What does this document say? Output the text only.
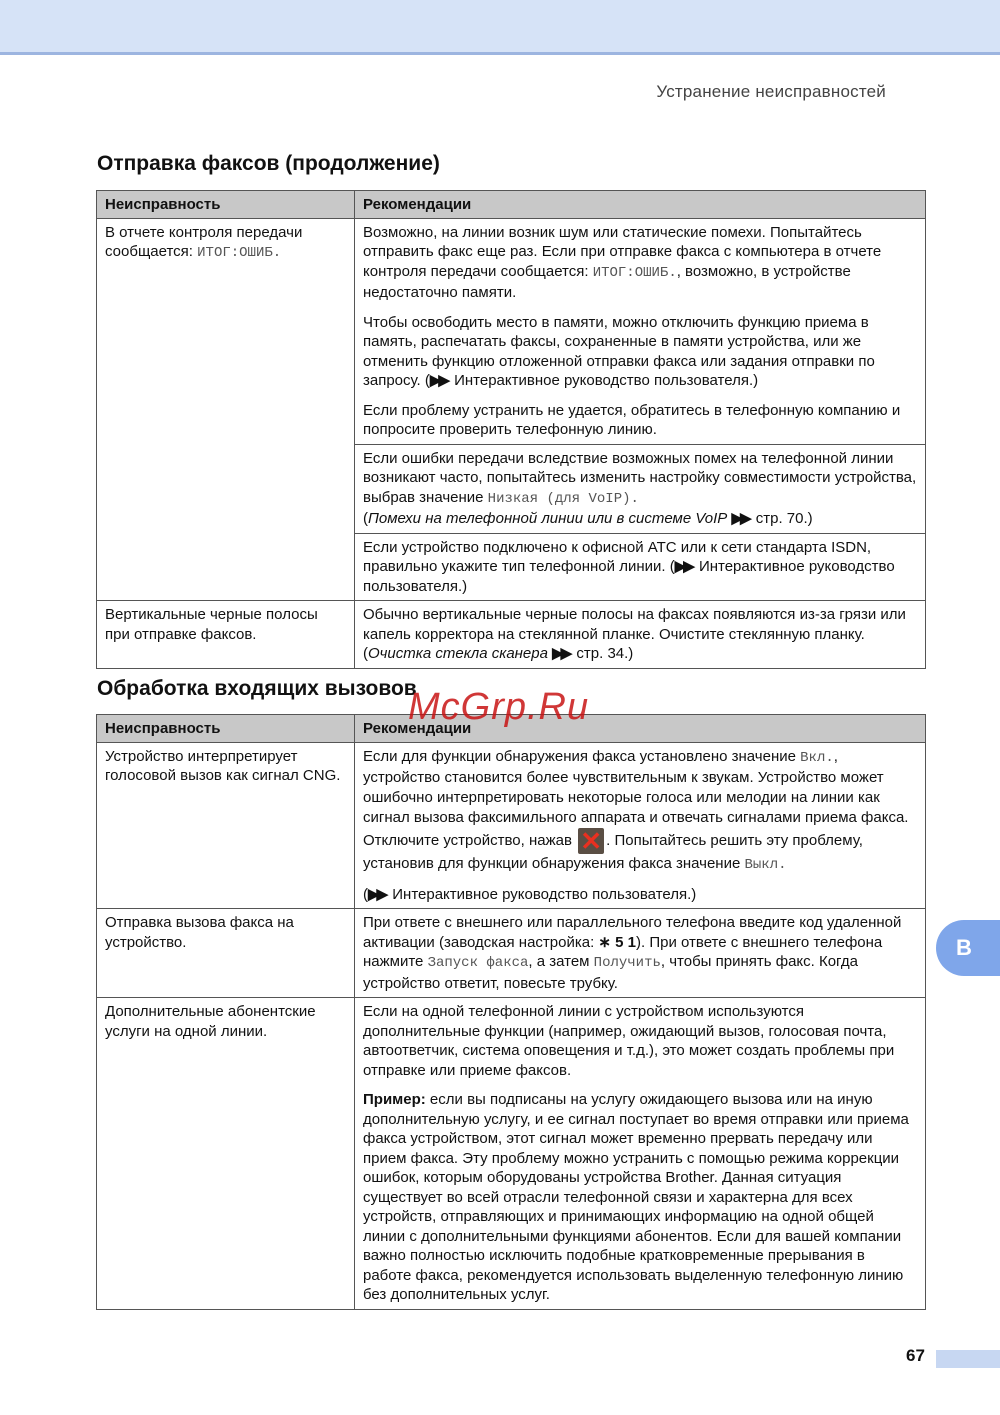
Устранение неисправностей
Отправка факсов (продолжение)
Неисправность	Рекомендации
В отчете контроля передачи сообщается: ИТОГ:ОШИБ.	Возможно, на линии возник шум или статические помехи. Попытайтесь отправить факс еще раз. Если при отправке факса с компьютера в отчете контроля передачи сообщается: ИТОГ:ОШИБ., возможно, в устройстве недостаточно памяти.

Чтобы освободить место в памяти, можно отключить функцию приема в память, распечатать факсы, сохраненные в памяти устройства, или же отменить функцию отложенной отправки факса или задания отправки по запросу. (▶▶ Интерактивное руководство пользователя.)

Если проблему устранить не удается, обратитесь в телефонную компанию и попросите проверить телефонную линию.

	Если ошибки передачи вследствие возможных помех на телефонной линии возникают часто, попытайтесь изменить настройку совместимости устройства, выбрав значение Низкая (для VoIP).
(Помехи на телефонной линии или в системе VoIP ▶▶ стр. 70.)
	Если устройство подключено к офисной АТС или к сети стандарта ISDN, правильно укажите тип телефонной линии. (▶▶ Интерактивное руководство пользователя.)
Вертикальные черные полосы при отправке факсов.	Обычно вертикальные черные полосы на факсах появляются из-за грязи или капель корректора на стеклянной планке. Очистите стеклянную планку.
(Очистка стекла сканера ▶▶ стр. 34.)
Обработка входящих вызовов
Неисправность	Рекомендации
Устройство интерпретирует голосовой вызов как сигнал CNG.	Если для функции обнаружения факса установлено значение Вкл., устройство становится более чувствительным к звукам. Устройство может ошибочно интерпретировать некоторые голоса или мелодии на линии как сигнал вызова факсимильного аппарата и отвечать сигналами приема факса. Отключите устройство, нажав ✕ . Попытайтесь решить эту проблему, установив для функции обнаружения факса значение Выкл.

(▶▶ Интерактивное руководство пользователя.)

Отправка вызова факса на устройство.	При ответе с внешнего или параллельного телефона введите код удаленной активации (заводская настройка: ∗ 5 1). При ответе с внешнего телефона нажмите Запуск факса, а затем Получить, чтобы принять факс. Когда устройство ответит, повесьте трубку.
Дополнительные абонентские услуги на одной линии.	Если на одной телефонной линии с устройством используются дополнительные функции (например, ожидающий вызов, голосовая почта, автоответчик, система оповещения и т.д.), это может создать проблемы при отправке или приеме факсов.

Пример: если вы подписаны на услугу ожидающего вызова или на иную дополнительную услугу, и ее сигнал поступает во время отправки или приема факса устройством, этот сигнал может временно прервать передачу или прием факса. Эту проблему можно устранить с помощью режима коррекции ошибок, которым оборудованы устройства Brother. Данная ситуация существует во всей отрасли телефонной связи и характерна для всех устройств, отправляющих и принимающих информацию на одной общей линии с дополнительными функциями абонентов. Если для вашей компании важно полностью исключить подобные кратковременные прерывания в работе факса, рекомендуется использовать выделенную телефонную линию без дополнительных услуг.

McGrp.Ru
B
67
